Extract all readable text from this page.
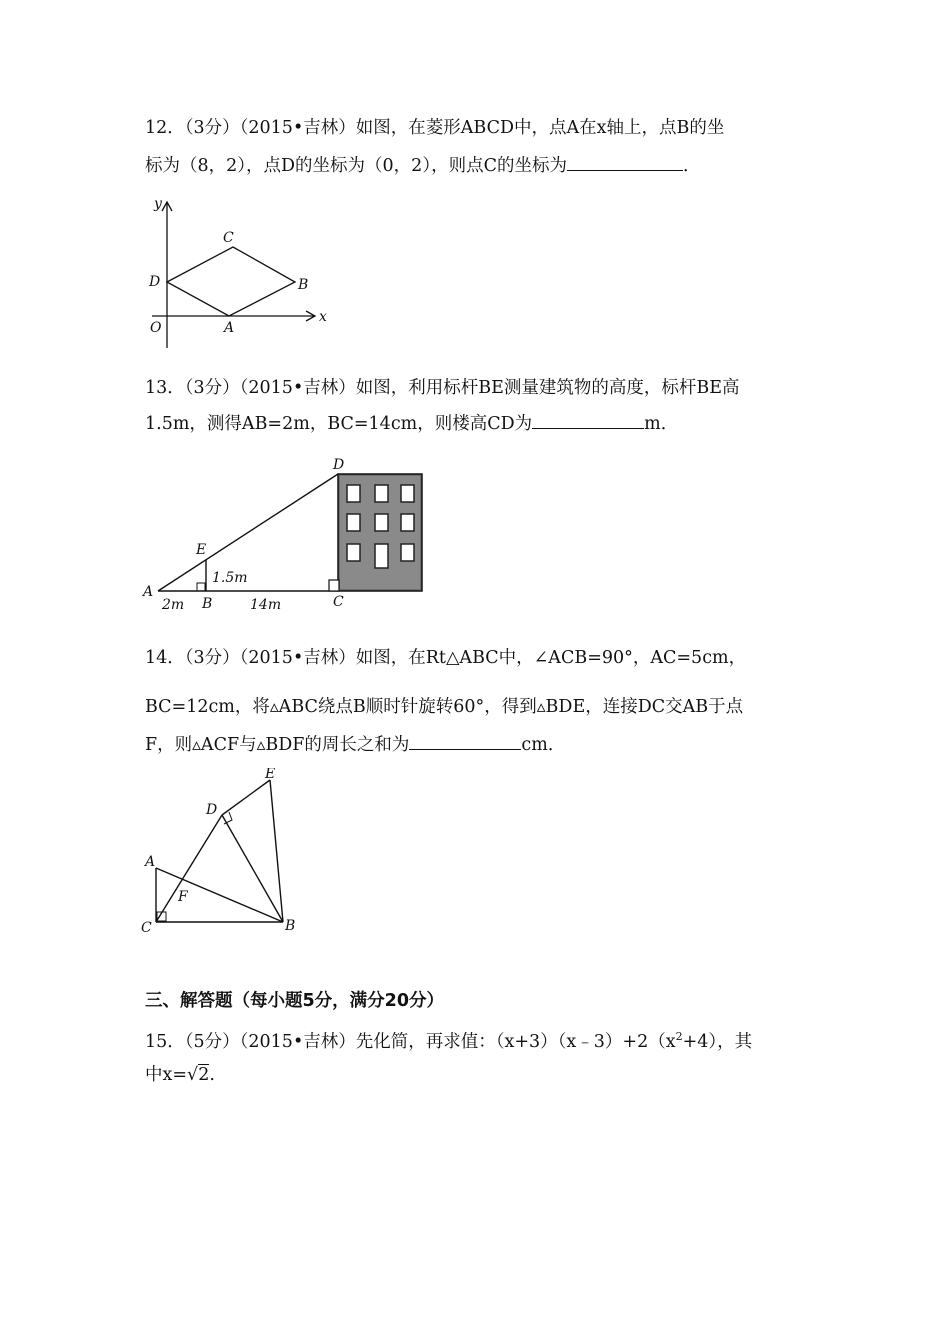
12．（3分）（2015•吉林）如图，在菱形ABCD中，点A在x轴上，点B的坐
标为（8，2），点D的坐标为（0，2），则点C的坐标为	．
y
x
O	A
B
C
D
13．（3分）（2015•吉林）如图，利用标杆BE测量建筑物的高度，标杆BE高
1.5m，测得AB=2m，BC=14cm，则楼高CD为	m．
A
B	C
D
E
1.5m
2m	14m
14．（3分）（2015•吉林）如图，在Rt△ABC中，∠ACB=90°，AC=5cm，
BC=12cm，将▵ABC绕点B顺时针旋转60°，得到▵BDE，连接DC交AB于点
F，则▵ACF与▵BDF的周长之和为	cm．
A
B
C
D
E
F
三、解答题（每小题5分，满分20分）
15．（5分）（2015•吉林）先化简，再求值：$(x+3)(x﹣3)+2(x^2+4)$，其
中x=√2.
